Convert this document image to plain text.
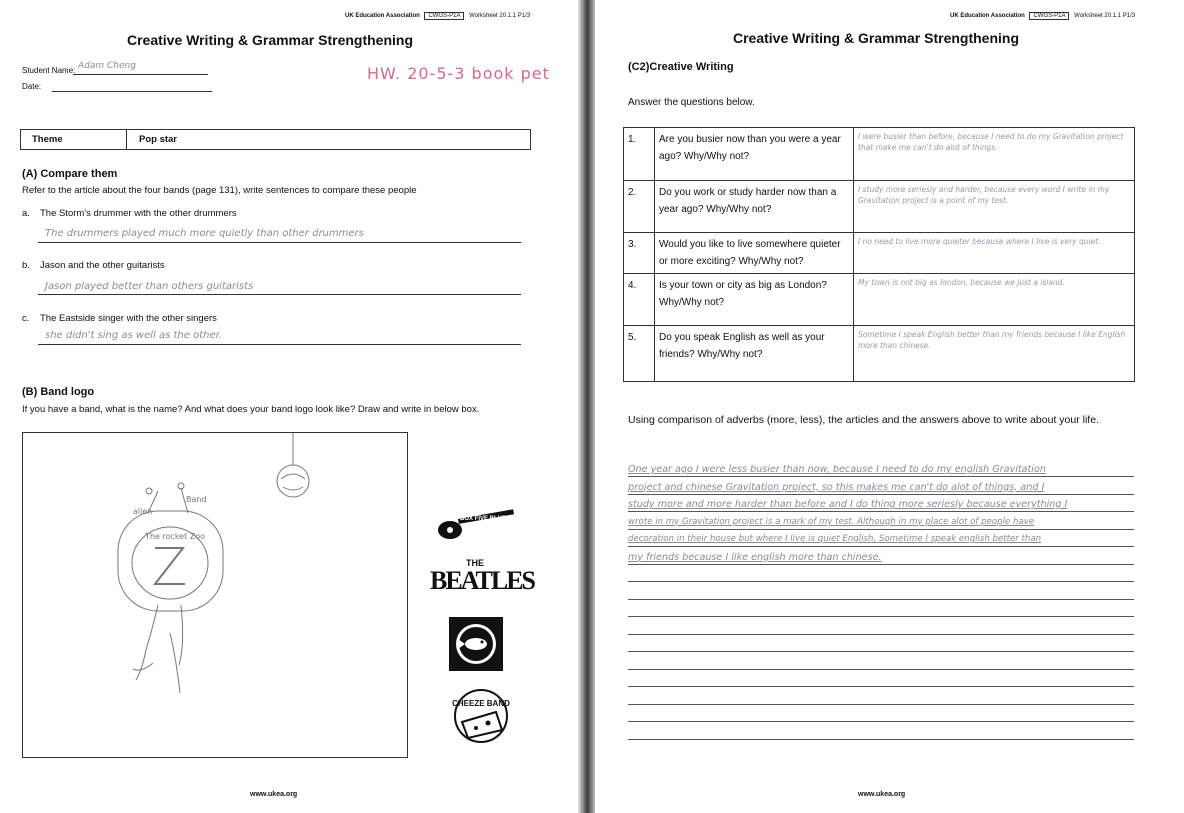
UK Education Association CWGS-P1A Worksheet 20.1.1 P1/3
Creative Writing & Grammar Strengthening
Student Name: Adam Cheng
Date:
HW. 20-5-3 book pet
Theme	Pop star
(A) Compare them
Refer to the article about the four bands (page 131), write sentences to compare these people
a. The Storm's drummer with the other drummers
The drummers played much more quietly than other drummers
b. Jason and the other guitarists
Jason played better than others guitarists
c. The Eastside singer with the other singers
she didn't sing as well as the other.
(B) Band logo
If you have a band, what is the name? And what does your band logo look like? Draw and write in below box.
alien
Band
The rocket Zoo
BOX FIVE BLUES
THE
BEATLES
CHEEZE BAND
www.ukea.org
UK Education Association CWGS-P1A Worksheet 20.1.1 P1/3
Creative Writing & Grammar Strengthening
(C2)Creative Writing
Answer the questions below.
1.	Are you busier now than you were a year ago? Why/Why not?	I were busier than before, because I need to do my Gravitation project that make me can't do alot of things.
2.	Do you work or study harder now than a year ago? Why/Why not?	I study more seriesly and harder, because every word I write in my Gravitation project is a point of my test.
3.	Would you like to live somewhere quieter or more exciting? Why/Why not?	I no need to live more quieter because where I live is very quiet.
4.	Is your town or city as big as London? Why/Why not?	My town is not big as london, because we just a island.
5.	Do you speak English as well as your friends? Why/Why not?	Sometime I speak English better than my friends because I like English more than chinese.
Using comparison of adverbs (more, less), the articles and the answers above to write about your life.
One year ago I were less busier than now, because I need to do my english Gravitation
project and chinese Gravitation project, so this makes me can't do alot of things, and I
study more and more harder than before and I do thing more seriesly because everything I
wrote in my Gravitation project is a mark of my test. Although in my place alot of people have
decoration in their house but where I live is quiet English, Sometime I speak english better than
my friends because I like english more than chinese.
www.ukea.org
